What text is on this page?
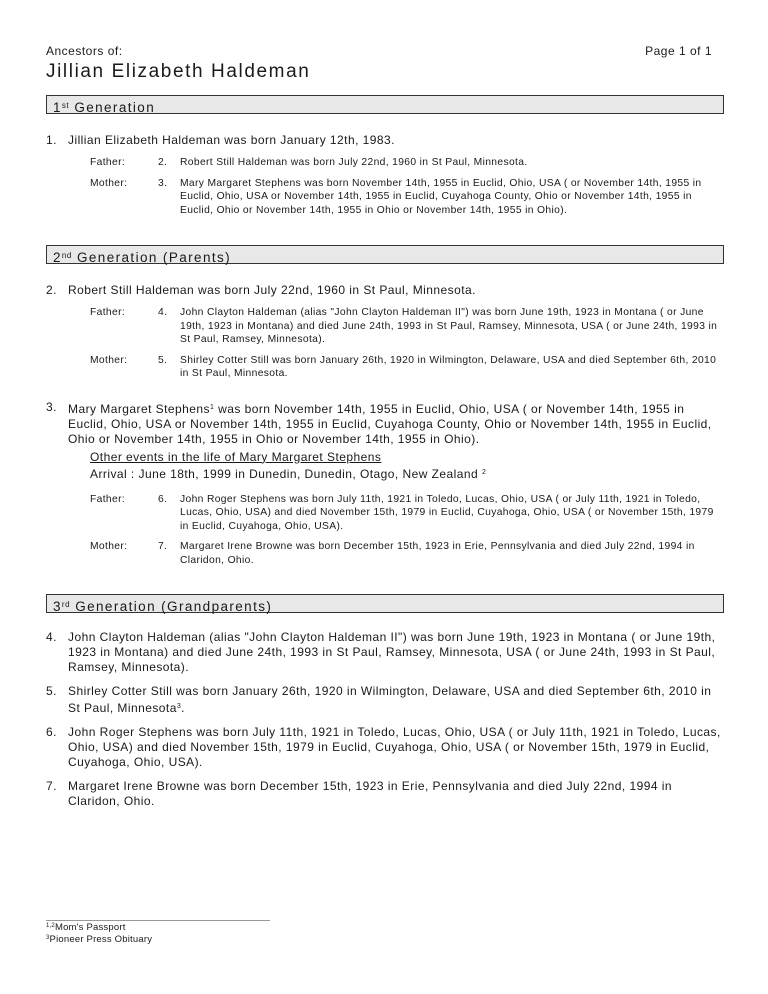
Ancestors of:	Page 1 of 1
Jillian Elizabeth Haldeman
1st Generation
1. Jillian Elizabeth Haldeman was born January 12th, 1983.
Father:	2.	Robert Still Haldeman was born July 22nd, 1960 in St Paul, Minnesota.
Mother:	3.	Mary Margaret Stephens was born November 14th, 1955 in Euclid, Ohio, USA ( or November 14th, 1955 in Euclid, Ohio, USA or November 14th, 1955 in Euclid, Cuyahoga County, Ohio or November 14th, 1955 in Euclid, Ohio or November 14th, 1955 in Ohio or November 14th, 1955 in Ohio).
2nd Generation (Parents)
2. Robert Still Haldeman was born July 22nd, 1960 in St Paul, Minnesota.
Father:	4.	John Clayton Haldeman (alias "John Clayton Haldeman II") was born June 19th, 1923 in Montana ( or June 19th, 1923 in Montana) and died June 24th, 1993 in St Paul, Ramsey, Minnesota, USA ( or June 24th, 1993 in St Paul, Ramsey, Minnesota).
Mother:	5.	Shirley Cotter Still was born January 26th, 1920 in Wilmington, Delaware, USA and died September 6th, 2010 in St Paul, Minnesota.
3. Mary Margaret Stephens$^1$ was born November 14th, 1955 in Euclid, Ohio, USA ( or November 14th, 1955 in Euclid, Ohio, USA or November 14th, 1955 in Euclid, Cuyahoga County, Ohio or November 14th, 1955 in Euclid, Ohio or November 14th, 1955 in Ohio or November 14th, 1955 in Ohio).
Other events in the life of Mary Margaret Stephens
Arrival : June 18th, 1999 in Dunedin, Dunedin, Otago, New Zealand $^2$
Father:	6.	John Roger Stephens was born July 11th, 1921 in Toledo, Lucas, Ohio, USA ( or July 11th, 1921 in Toledo, Lucas, Ohio, USA) and died November 15th, 1979 in Euclid, Cuyahoga, Ohio, USA ( or November 15th, 1979 in Euclid, Cuyahoga, Ohio, USA).
Mother:	7.	Margaret Irene Browne was born December 15th, 1923 in Erie, Pennsylvania and died July 22nd, 1994 in Claridon, Ohio.
3rd Generation (Grandparents)
4. John Clayton Haldeman (alias "John Clayton Haldeman II") was born June 19th, 1923 in Montana ( or June 19th, 1923 in Montana) and died June 24th, 1993 in St Paul, Ramsey, Minnesota, USA ( or June 24th, 1993 in St Paul, Ramsey, Minnesota).
5. Shirley Cotter Still was born January 26th, 1920 in Wilmington, Delaware, USA and died September 6th, 2010 in St Paul, Minnesota$^3$.
6. John Roger Stephens was born July 11th, 1921 in Toledo, Lucas, Ohio, USA ( or July 11th, 1921 in Toledo, Lucas, Ohio, USA) and died November 15th, 1979 in Euclid, Cuyahoga, Ohio, USA ( or November 15th, 1979 in Euclid, Cuyahoga, Ohio, USA).
7. Margaret Irene Browne was born December 15th, 1923 in Erie, Pennsylvania and died July 22nd, 1994 in Claridon, Ohio.
$^{1,2}$Mom's Passport
$^3$Pioneer Press Obituary
